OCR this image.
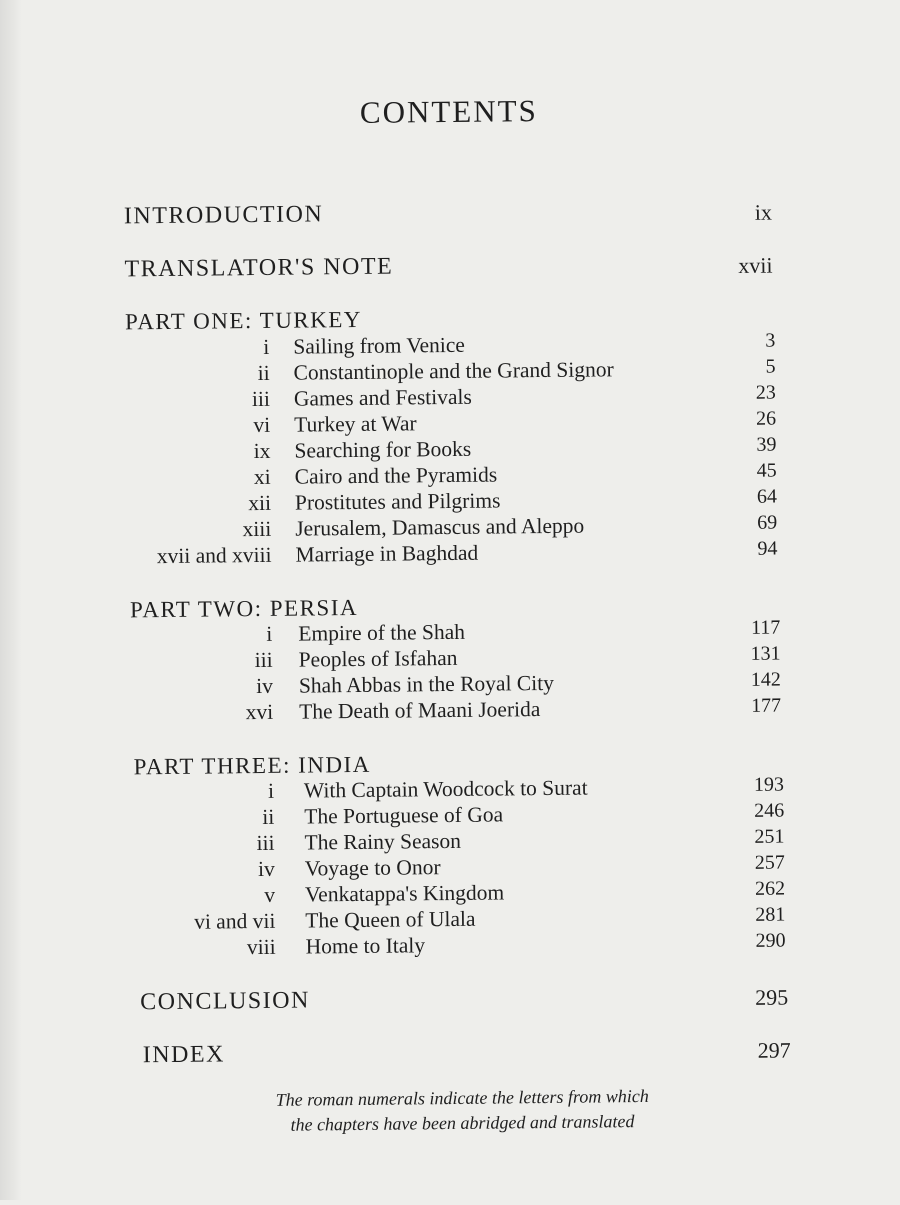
CONTENTS
INTRODUCTION	ix
TRANSLATOR'S NOTE	xvii
PART ONE: TURKEY
i Sailing from Venice	3
ii Constantinople and the Grand Signor	5
iii Games and Festivals	23
vi Turkey at War	26
ix Searching for Books	39
xi Cairo and the Pyramids	45
xii Prostitutes and Pilgrims	64
xiii Jerusalem, Damascus and Aleppo	69
xvii and xviii Marriage in Baghdad	94
PART TWO: PERSIA
i Empire of the Shah	117
iii Peoples of Isfahan	131
iv Shah Abbas in the Royal City	142
xvi The Death of Maani Joerida	177
PART THREE: INDIA
i With Captain Woodcock to Surat	193
ii The Portuguese of Goa	246
iii The Rainy Season	251
iv Voyage to Onor	257
v Venkatappa's Kingdom	262
vi and vii The Queen of Ulala	281
viii Home to Italy	290
CONCLUSION	295
INDEX	297
The roman numerals indicate the letters from which
the chapters have been abridged and translated
